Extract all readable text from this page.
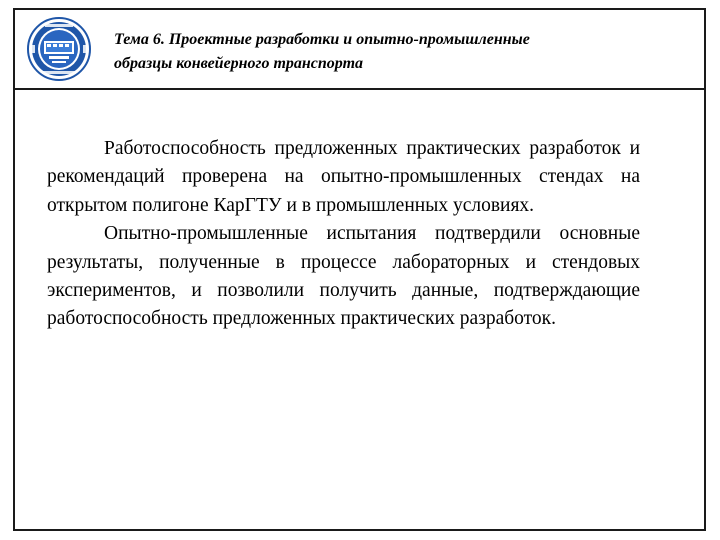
Тема 6. Проектные разработки и опытно-промышленные
образцы конвейерного транспорта

Работоспособность предложенных практических разработок и рекомендаций проверена на опытно-промышленных стендах на открытом полигоне КарГТУ и в промышленных условиях.

Опытно-промышленные испытания подтвердили основные результаты, полученные в процессе лабораторных и стендовых экспериментов, и позволили получить данные, подтверждающие работоспособность предложенных практических разработок.
